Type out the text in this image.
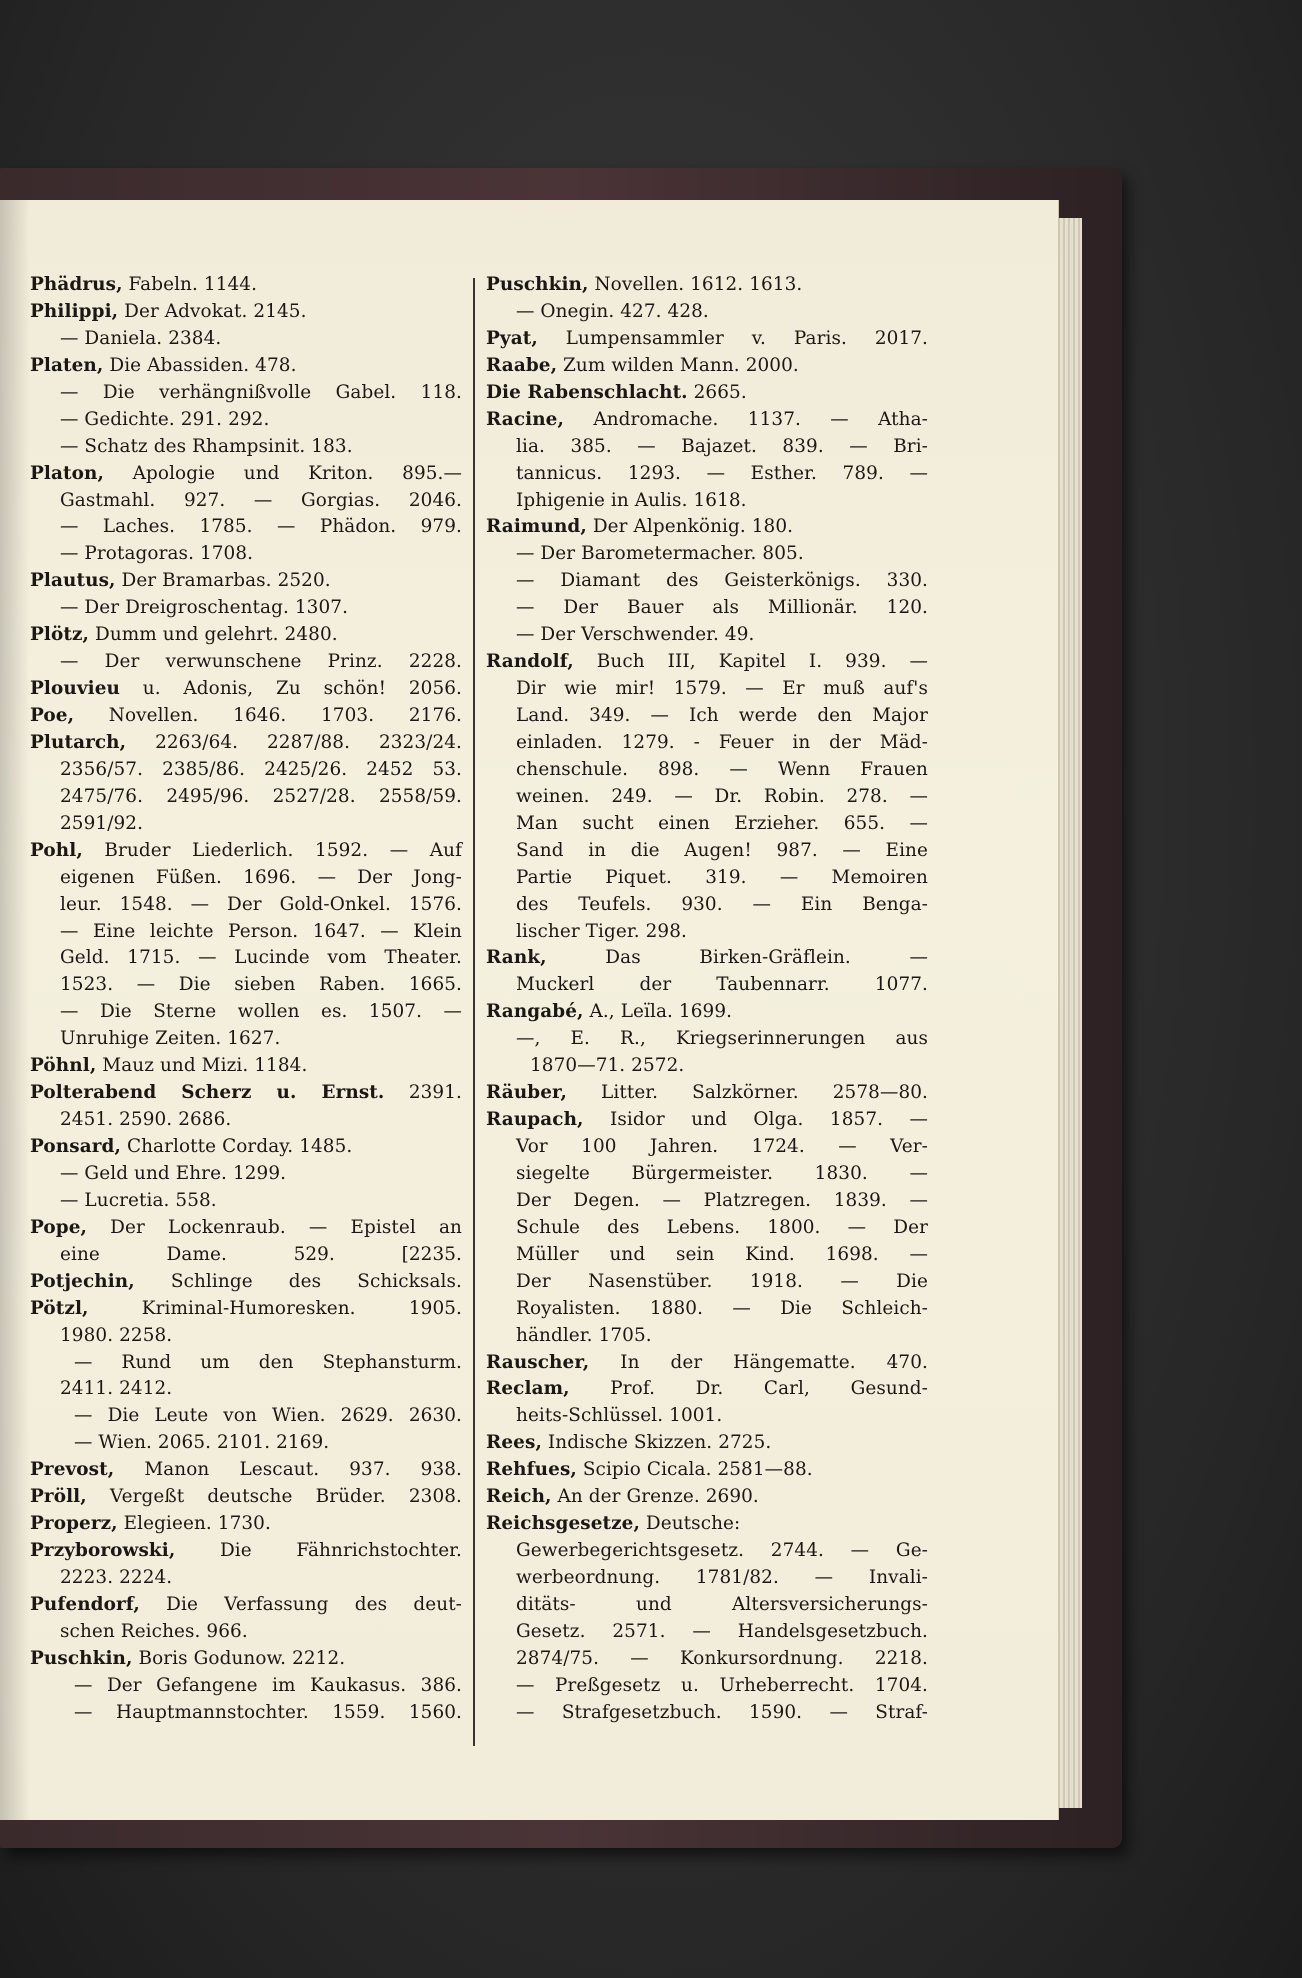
Phädrus, Fabeln. 1144.
Philippi, Der Advokat. 2145.
— Daniela. 2384.
Platen, Die Abassiden. 478.
— Die verhängnißvolle Gabel. 118.
— Gedichte. 291. 292.
— Schatz des Rhampsinit. 183.
Platon, Apologie und Kriton. 895.—
Gastmahl. 927. — Gorgias. 2046.
— Laches. 1785. — Phädon. 979.
— Protagoras. 1708.
Plautus, Der Bramarbas. 2520.
— Der Dreigroschentag. 1307.
Plötz, Dumm und gelehrt. 2480.
— Der verwunschene Prinz. 2228.
Plouvieu u. Adonis, Zu schön! 2056.
Poe, Novellen. 1646. 1703. 2176.
Plutarch, 2263/64. 2287/88. 2323/24.
2356/57. 2385/86. 2425/26. 2452 53.
2475/76. 2495/96. 2527/28. 2558/59.
2591/92.
Pohl, Bruder Liederlich. 1592. — Auf
eigenen Füßen. 1696. — Der Jong-
leur. 1548. — Der Gold-Onkel. 1576.
— Eine leichte Person. 1647. — Klein
Geld. 1715. — Lucinde vom Theater.
1523. — Die sieben Raben. 1665.
— Die Sterne wollen es. 1507. —
Unruhige Zeiten. 1627.
Pöhnl, Mauz und Mizi. 1184.
Polterabend Scherz u. Ernst. 2391.
2451. 2590. 2686.
Ponsard, Charlotte Corday. 1485.
— Geld und Ehre. 1299.
— Lucretia. 558.
Pope, Der Lockenraub. — Epistel an
eine Dame. 529. [2235.
Potjechin, Schlinge des Schicksals.
Pötzl, Kriminal-Humoresken. 1905.
1980. 2258.
— Rund um den Stephansturm.
2411. 2412.
— Die Leute von Wien. 2629. 2630.
— Wien. 2065. 2101. 2169.
Prevost, Manon Lescaut. 937. 938.
Pröll, Vergeßt deutsche Brüder. 2308.
Properz, Elegieen. 1730.
Przyborowski, Die Fähnrichstochter.
2223. 2224.
Pufendorf, Die Verfassung des deut-
schen Reiches. 966.
Puschkin, Boris Godunow. 2212.
— Der Gefangene im Kaukasus. 386.
— Hauptmannstochter. 1559. 1560.
Puschkin, Novellen. 1612. 1613.
— Onegin. 427. 428.
Pyat, Lumpensammler v. Paris. 2017.
Raabe, Zum wilden Mann. 2000.
Die Rabenschlacht. 2665.
Racine, Andromache. 1137. — Atha-
lia. 385. — Bajazet. 839. — Bri-
tannicus. 1293. — Esther. 789. —
Iphigenie in Aulis. 1618.
Raimund, Der Alpenkönig. 180.
— Der Barometermacher. 805.
— Diamant des Geisterkönigs. 330.
— Der Bauer als Millionär. 120.
— Der Verschwender. 49.
Randolf, Buch III, Kapitel I. 939. —
Dir wie mir! 1579. — Er muß auf's
Land. 349. — Ich werde den Major
einladen. 1279. - Feuer in der Mäd-
chenschule. 898. — Wenn Frauen
weinen. 249. — Dr. Robin. 278. —
Man sucht einen Erzieher. 655. —
Sand in die Augen! 987. — Eine
Partie Piquet. 319. — Memoiren
des Teufels. 930. — Ein Benga-
lischer Tiger. 298.
Rank, Das Birken-Gräflein. —
Muckerl der Taubennarr. 1077.
Rangabé, A., Leïla. 1699.
—, E. R., Kriegserinnerungen aus
1870—71. 2572.
Räuber, Litter. Salzkörner. 2578—80.
Raupach, Isidor und Olga. 1857. —
Vor 100 Jahren. 1724. — Ver-
siegelte Bürgermeister. 1830. —
Der Degen. — Platzregen. 1839. —
Schule des Lebens. 1800. — Der
Müller und sein Kind. 1698. —
Der Nasenstüber. 1918. — Die
Royalisten. 1880. — Die Schleich-
händler. 1705.
Rauscher, In der Hängematte. 470.
Reclam, Prof. Dr. Carl, Gesund-
heits-Schlüssel. 1001.
Rees, Indische Skizzen. 2725.
Rehfues, Scipio Cicala. 2581—88.
Reich, An der Grenze. 2690.
Reichsgesetze, Deutsche:
Gewerbegerichtsgesetz. 2744. — Ge-
werbeordnung. 1781/82. — Invali-
ditäts- und Altersversicherungs-
Gesetz. 2571. — Handelsgesetzbuch.
2874/75. — Konkursordnung. 2218.
— Preßgesetz u. Urheberrecht. 1704.
— Strafgesetzbuch. 1590. — Straf-
